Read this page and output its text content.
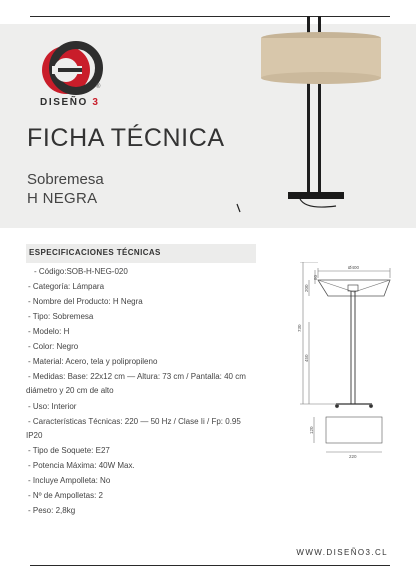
®
DISEÑO 3
FICHA TÉCNICA
Sobremesa
H NEGRA
ESPECIFICACIONES TÉCNICAS
- Código:SOB-H-NEG-020
- Categoría: Lámpara
- Nombre del Producto: H Negra
- Tipo: Sobremesa
- Modelo: H
- Color: Negro
- Material: Acero, tela y polipropileno
- Medidas: Base: 22x12 cm — Altura: 73 cm / Pantalla: 40 cm
diámetro y 20 cm de alto
- Uso: Interior
- Características Técnicas: 220 — 50 Hz / Clase Ii / Fp: 0.95
IP20
- Tipo de Soquete: E27
- Potencia Máxima: 40W Max.
- Incluye Ampolleta: No
- Nº de Ampolletas: 2
- Peso: 2,8kg
Ø400
80
200
730
450
120
220
WWW.DISEÑO3.CL
